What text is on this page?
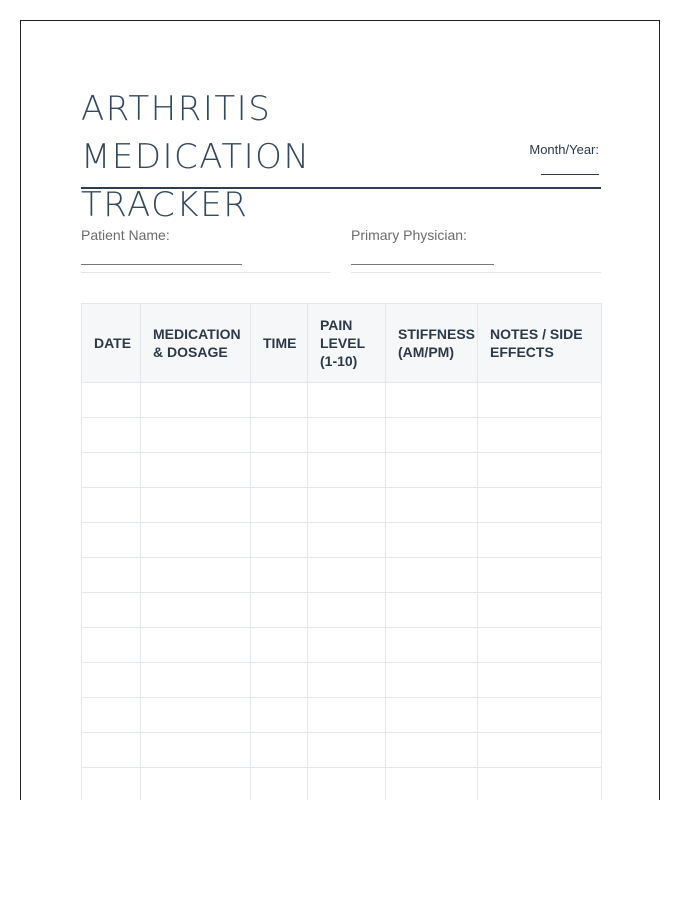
ARTHRITIS MEDICATION
TRACKER
Month/Year:
Patient Name:	Primary Physician:
DATE	MEDICATION & DOSAGE	TIME	PAIN LEVEL (1-10)	STIFFNESS (AM/PM)	NOTES / SIDE EFFECTS
